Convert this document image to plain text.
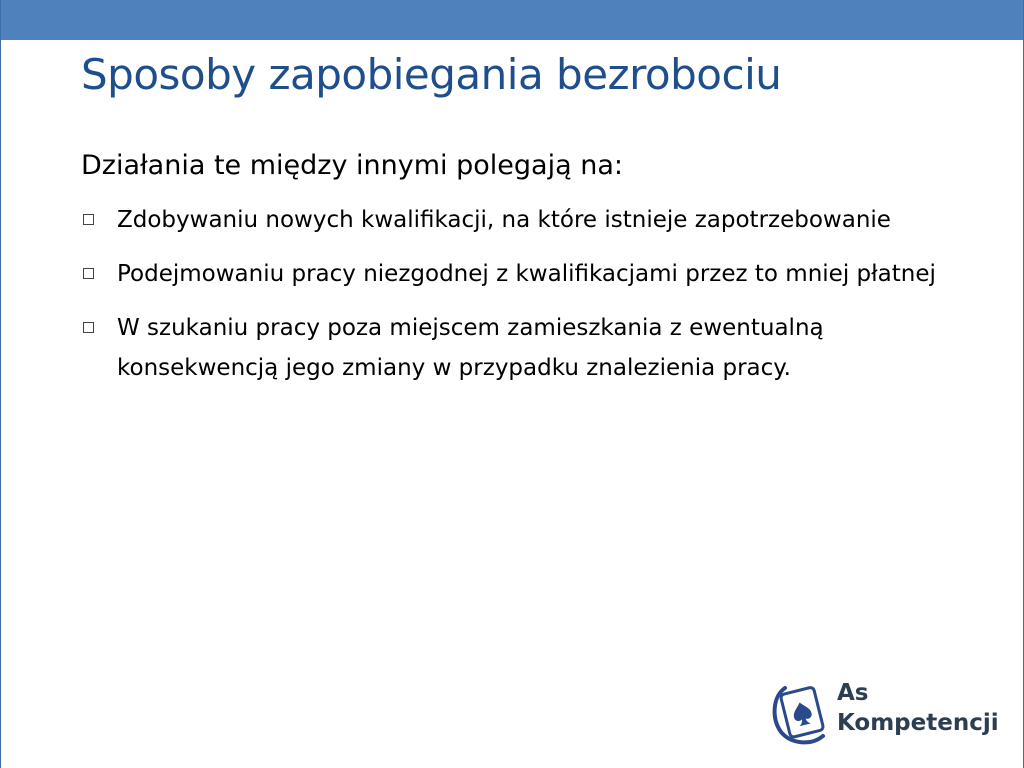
Sposoby zapobiegania bezrobociu

Działania te między innymi polegają na:

Zdobywaniu nowych kwalifikacji, na które istnieje zapotrzebowanie
Podejmowaniu pracy niezgodnej z kwalifikacjami przez to mniej płatnej
W szukaniu pracy poza miejscem zamieszkania z ewentualną konsekwencją jego zmiany w przypadku znalezienia pracy.
As
Kompetencji
